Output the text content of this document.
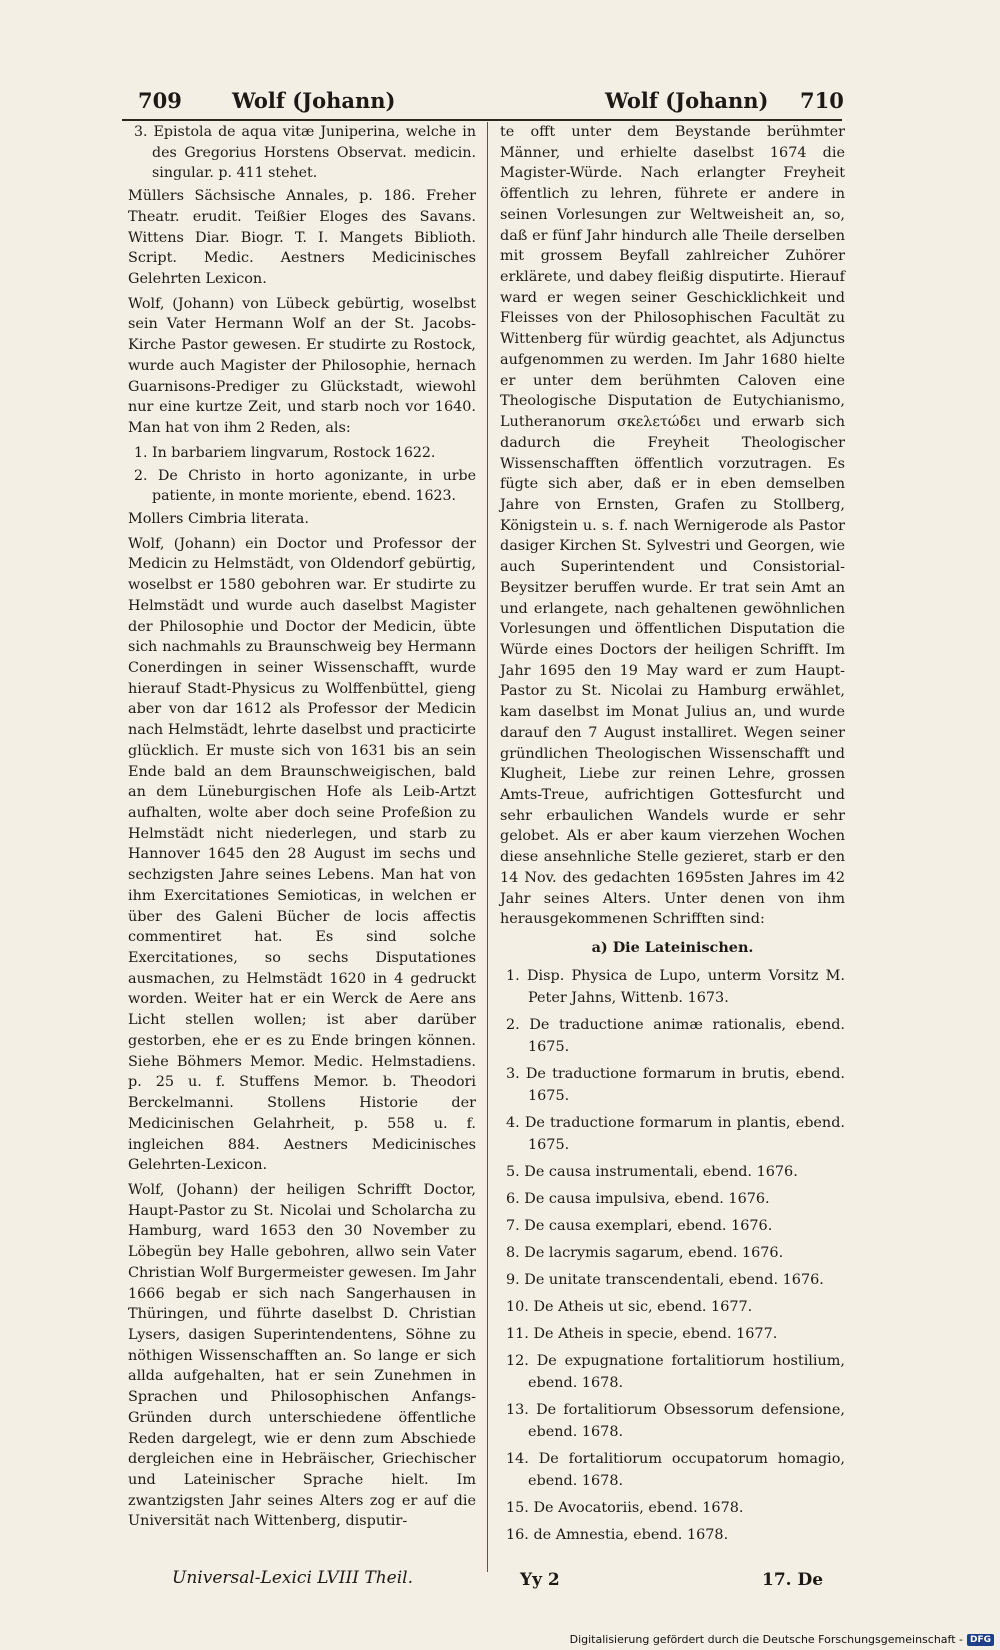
709 Wolf (Johann)	Wolf (Johann) 710

3. Epistola de aqua vitæ Juniperina, welche in des Gregorius Horstens Observat. medicin. singular. p. 411 stehet.

Müllers Sächsische Annales, p. 186. Freher Theatr. erudit. Teißier Eloges des Savans. Wittens Diar. Biogr. T. I. Mangets Biblioth. Script. Medic. Aestners Medicinisches Gelehrten Lexicon.

Wolf, (Johann) von Lübeck gebürtig, woselbst sein Vater Hermann Wolf an der St. Jacobs-Kirche Pastor gewesen. Er studirte zu Rostock, wurde auch Magister der Philosophie, hernach Guarnisons-Prediger zu Glückstadt, wiewohl nur eine kurtze Zeit, und starb noch vor 1640. Man hat von ihm 2 Reden, als:

1. In barbariem lingvarum, Rostock 1622.

2. De Christo in horto agonizante, in urbe patiente, in monte moriente, ebend. 1623.

Mollers Cimbria literata.

Wolf, (Johann) ein Doctor und Professor der Medicin zu Helmstädt, von Oldendorf gebürtig, woselbst er 1580 gebohren war. Er studirte zu Helmstädt und wurde auch daselbst Magister der Philosophie und Doctor der Medicin, übte sich nachmahls zu Braunschweig bey Hermann Conerdingen in seiner Wissenschafft, wurde hierauf Stadt-Physicus zu Wolffenbüttel, gieng aber von dar 1612 als Professor der Medicin nach Helmstädt, lehrte daselbst und practicirte glücklich. Er muste sich von 1631 bis an sein Ende bald an dem Braunschweigischen, bald an dem Lüneburgischen Hofe als Leib-Artzt aufhalten, wolte aber doch seine Profeßion zu Helmstädt nicht niederlegen, und starb zu Hannover 1645 den 28 August im sechs und sechzigsten Jahre seines Lebens. Man hat von ihm Exercitationes Semioticas, in welchen er über des Galeni Bücher de locis affectis commentiret hat. Es sind solche Exercitationes, so sechs Disputationes ausmachen, zu Helmstädt 1620 in 4 gedruckt worden. Weiter hat er ein Werck de Aere ans Licht stellen wollen; ist aber darüber gestorben, ehe er es zu Ende bringen können. Siehe Böhmers Memor. Medic. Helmstadiens. p. 25 u. f. Stuffens Memor. b. Theodori Berckelmanni. Stollens Historie der Medicinischen Gelahrheit, p. 558 u. f. ingleichen 884. Aestners Medicinisches Gelehrten-Lexicon.

Wolf, (Johann) der heiligen Schrifft Doctor, Haupt-Pastor zu St. Nicolai und Scholarcha zu Hamburg, ward 1653 den 30 November zu Löbegün bey Halle gebohren, allwo sein Vater Christian Wolf Burgermeister gewesen. Im Jahr 1666 begab er sich nach Sangerhausen in Thüringen, und führte daselbst D. Christian Lysers, dasigen Superintendentens, Söhne zu nöthigen Wissenschafften an. So lange er sich allda aufgehalten, hat er sein Zunehmen in Sprachen und Philosophischen Anfangs-Gründen durch unterschiedene öffentliche Reden dargelegt, wie er denn zum Abschiede dergleichen eine in Hebräischer, Griechischer und Lateinischer Sprache hielt. Im zwantzigsten Jahr seines Alters zog er auf die Universität nach Wittenberg, disputir-

te offt unter dem Beystande berühmter Männer, und erhielte daselbst 1674 die Magister-Würde. Nach erlangter Freyheit öffentlich zu lehren, führete er andere in seinen Vorlesungen zur Weltweisheit an, so, daß er fünf Jahr hindurch alle Theile derselben mit grossem Beyfall zahlreicher Zuhörer erklärete, und dabey fleißig disputirte. Hierauf ward er wegen seiner Geschicklichkeit und Fleisses von der Philosophischen Facultät zu Wittenberg für würdig geachtet, als Adjunctus aufgenommen zu werden. Im Jahr 1680 hielte er unter dem berühmten Caloven eine Theologische Disputation de Eutychianismo, Lutheranorum σκελετώδει und erwarb sich dadurch die Freyheit Theologischer Wissenschafften öffentlich vorzutragen. Es fügte sich aber, daß er in eben demselben Jahre von Ernsten, Grafen zu Stollberg, Königstein u. s. f. nach Wernigerode als Pastor dasiger Kirchen St. Sylvestri und Georgen, wie auch Superintendent und Consistorial-Beysitzer beruffen wurde. Er trat sein Amt an und erlangete, nach gehaltenen gewöhnlichen Vorlesungen und öffentlichen Disputation die Würde eines Doctors der heiligen Schrifft. Im Jahr 1695 den 19 May ward er zum Haupt-Pastor zu St. Nicolai zu Hamburg erwählet, kam daselbst im Monat Julius an, und wurde darauf den 7 August installiret. Wegen seiner gründlichen Theologischen Wissenschafft und Klugheit, Liebe zur reinen Lehre, grossen Amts-Treue, aufrichtigen Gottesfurcht und sehr erbaulichen Wandels wurde er sehr gelobet. Als er aber kaum vierzehen Wochen diese ansehnliche Stelle gezieret, starb er den 14 Nov. des gedachten 1695sten Jahres im 42 Jahr seines Alters. Unter denen von ihm herausgekommenen Schrifften sind:

a) Die Lateinischen.

1. Disp. Physica de Lupo, unterm Vorsitz M. Peter Jahns, Wittenb. 1673.

2. De traductione animæ rationalis, ebend. 1675.

3. De traductione formarum in brutis, ebend. 1675.

4. De traductione formarum in plantis, ebend. 1675.

5. De causa instrumentali, ebend. 1676.

6. De causa impulsiva, ebend. 1676.

7. De causa exemplari, ebend. 1676.

8. De lacrymis sagarum, ebend. 1676.

9. De unitate transcendentali, ebend. 1676.

10. De Atheis ut sic, ebend. 1677.

11. De Atheis in specie, ebend. 1677.

12. De expugnatione fortalitiorum hostilium, ebend. 1678.

13. De fortalitiorum Obsessorum defensione, ebend. 1678.

14. De fortalitiorum occupatorum homagio, ebend. 1678.

15. De Avocatoriis, ebend. 1678.

16. de Amnestia, ebend. 1678.

Universal-Lexici LVIII Theil.	Yy 2	17. De
Digitalisierung gefördert durch die Deutsche Forschungsgemeinschaft - DFG
